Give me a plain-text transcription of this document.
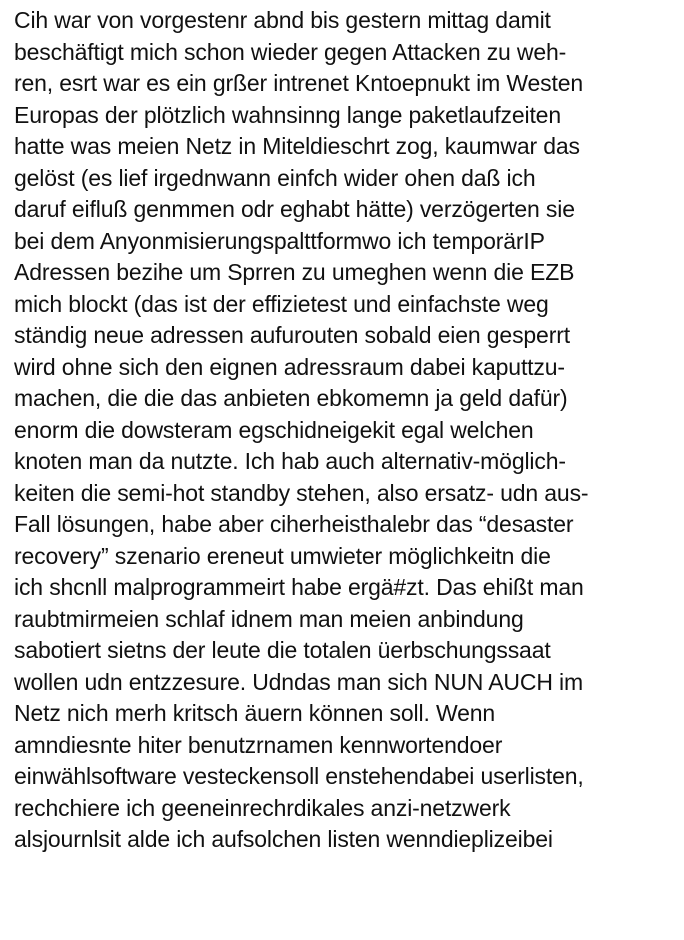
Cih war von vorgestenr abnd bis gestern mittag damit
beschäftigt mich schon wieder gegen Attacken zu weh-
ren, esrt war es ein grßer intrenet Kntoepnukt im Westen
Europas der plötzlich wahnsinng lange paketlaufzeiten
hatte was meien Netz in Miteldieschrt zog, kaumwar das
gelöst (es lief irgednwann einfch wider ohen daß ich
daruf eifluß genmmen odr eghabt hätte) verzögerten sie
bei dem Anyonmisierungspalttformwo ich temporärIP
Adressen bezihe um Sprren zu umeghen wenn die EZB
mich blockt (das ist der effizietest und einfachste weg
ständig neue adressen aufurouten sobald eien gesperrt
wird ohne sich den eignen adressraum dabei kaputtzu-
machen, die die das anbieten ebkomemn ja geld dafür)
enorm die dowsteram egschidneigekit egal welchen
knoten man da nutzte. Ich hab auch alternativ-möglich-
keiten die semi-hot standby stehen, also ersatz- udn aus-
Fall lösungen, habe aber ciherheisthalebr das “desaster
recovery” szenario ereneut umwieter möglichkeitn die
ich shcnll malprogrammeirt habe ergä#zt. Das ehißt man
raubtmirmeien schlaf idnem man meien anbindung
sabotiert sietns der leute die totalen üerbschungssaat
wollen udn entzzesure. Udndas man sich NUN AUCH im
Netz nich merh kritsch äuern können soll. Wenn
amndiesnte hiter benutzrnamen kennwortendoer
einwählsoftware vesteckensoll enstehendabei userlisten,
rechchiere ich geeneinrechrdikales anzi-netzwerk
alsjournlsit alde ich aufsolchen listen wenndieplizeibei
